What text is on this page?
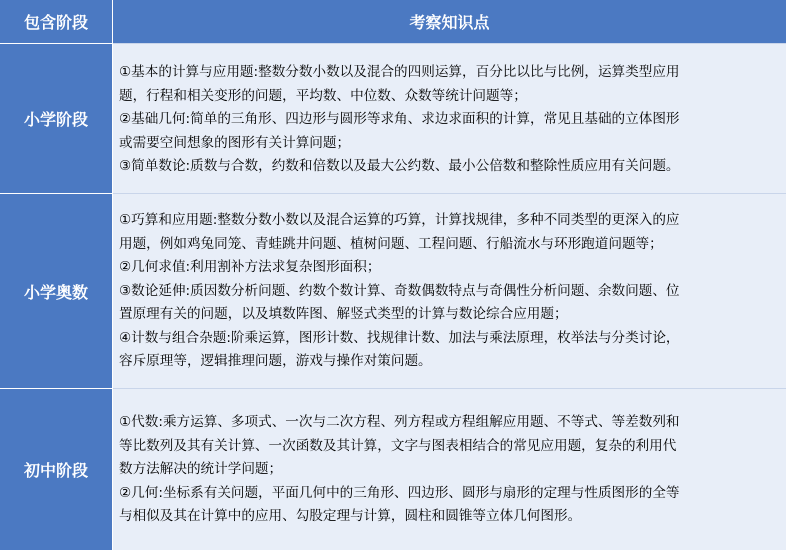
包含阶段	考察知识点
小学阶段
①基本的计算与应用题:整数分数小数以及混合的四则运算，百分比以比与比例，运算类型应用
题，行程和相关变形的问题，平均数、中位数、众数等统计问题等；
②基础几何:简单的三角形、四边形与圆形等求角、求边求面积的计算，常见且基础的立体图形
或需要空间想象的图形有关计算问题；
③简单数论:质数与合数，约数和倍数以及最大公约数、最小公倍数和整除性质应用有关问题。
小学奥数
①巧算和应用题:整数分数小数以及混合运算的巧算，计算找规律，多种不同类型的更深入的应
用题，例如鸡兔同笼、青蛙跳井问题、植树问题、工程问题、行船流水与环形跑道问题等；
②几何求值:利用割补方法求复杂图形面积；
③数论延伸:质因数分析问题、约数个数计算、奇数偶数特点与奇偶性分析问题、余数问题、位
置原理有关的问题，以及填数阵图、解竖式类型的计算与数论综合应用题；
④计数与组合杂题:阶乘运算，图形计数、找规律计数、加法与乘法原理，枚举法与分类讨论，
容斥原理等，逻辑推理问题，游戏与操作对策问题。
初中阶段
①代数:乘方运算、多项式、一次与二次方程、列方程或方程组解应用题、不等式、等差数列和
等比数列及其有关计算、一次函数及其计算，文字与图表相结合的常见应用题，复杂的利用代
数方法解决的统计学问题；
②几何:坐标系有关问题，平面几何中的三角形、四边形、圆形与扇形的定理与性质图形的全等
与相似及其在计算中的应用、勾股定理与计算，圆柱和圆锥等立体几何图形。
